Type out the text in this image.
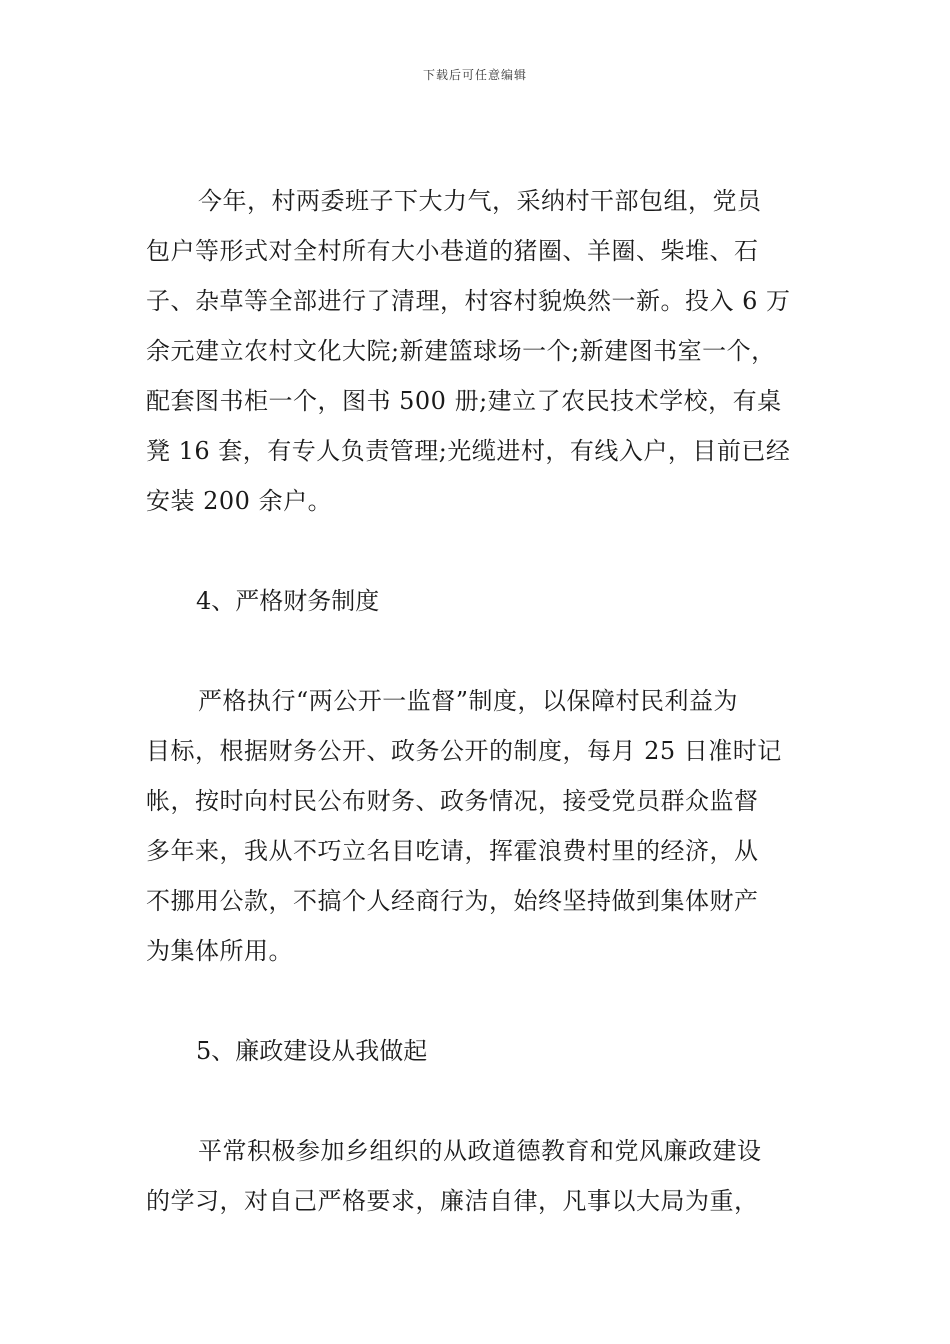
下载后可任意编辑
今年，村两委班子下大力气，采纳村干部包组，党员
包户等形式对全村所有大小巷道的猪圈、羊圈、柴堆、石
子、杂草等全部进行了清理，村容村貌焕然一新。投入 6 万
余元建立农村文化大院;新建篮球场一个;新建图书室一个，
配套图书柜一个，图书 500 册;建立了农民技术学校，有桌
凳 16 套，有专人负责管理;光缆进村，有线入户，目前已经
安装 200 余户。
4、严格财务制度
严格执行“两公开一监督”制度，以保障村民利益为
目标，根据财务公开、政务公开的制度，每月 25 日准时记
帐，按时向村民公布财务、政务情况，接受党员群众监督
多年来，我从不巧立名目吃请，挥霍浪费村里的经济，从
不挪用公款，不搞个人经商行为，始终坚持做到集体财产
为集体所用。
5、廉政建设从我做起
平常积极参加乡组织的从政道德教育和党风廉政建设
的学习，对自己严格要求，廉洁自律，凡事以大局为重，
